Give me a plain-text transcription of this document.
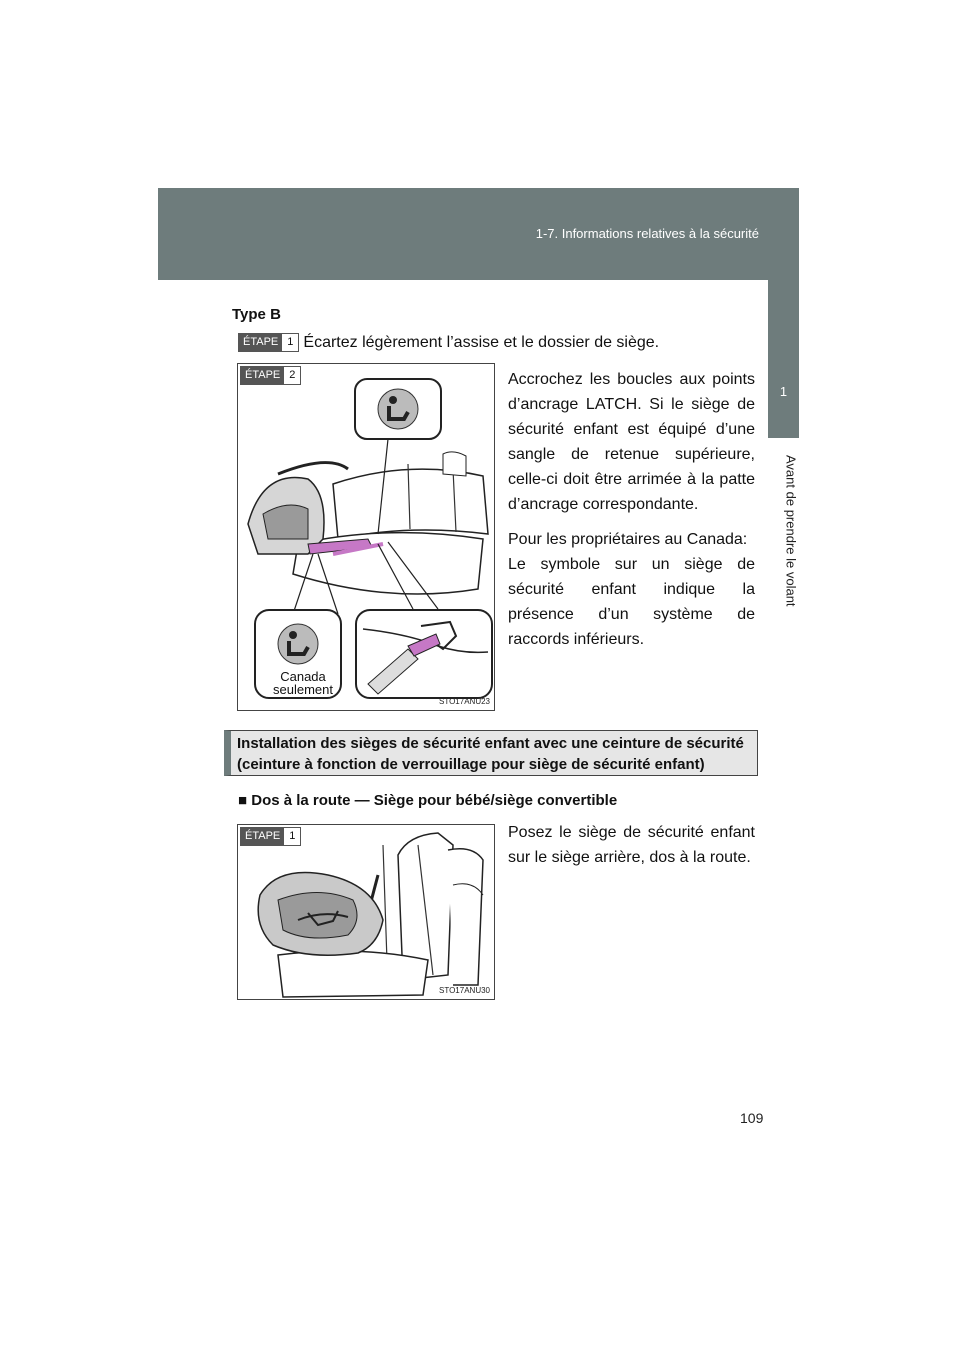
1-7. Informations relatives à la sécurité
1
Avant de prendre le volant
Type B
ÉTAPE 1 Écartez légèrement l’assise et le dossier de siège.
ÉTAPE 2
Canada seulement
STO17ANU23

Accrochez les boucles aux points d’ancrage LATCH. Si le siège de sécurité enfant est équipé d’une sangle de retenue supérieure, celle-ci doit être arrimée à la patte d’ancrage correspondante.

Pour les propriétaires au Canada:

Le symbole sur un siège de sécurité enfant indique la présence d’un système de raccords inférieurs.

Installation des sièges de sécurité enfant avec une ceinture de sécurité (ceinture à fonction de verrouillage pour siège de sécurité enfant)
■ Dos à la route — Siège pour bébé/siège convertible
ÉTAPE 1
STO17ANU30

Posez le siège de sécurité enfant sur le siège arrière, dos à la route.

109
